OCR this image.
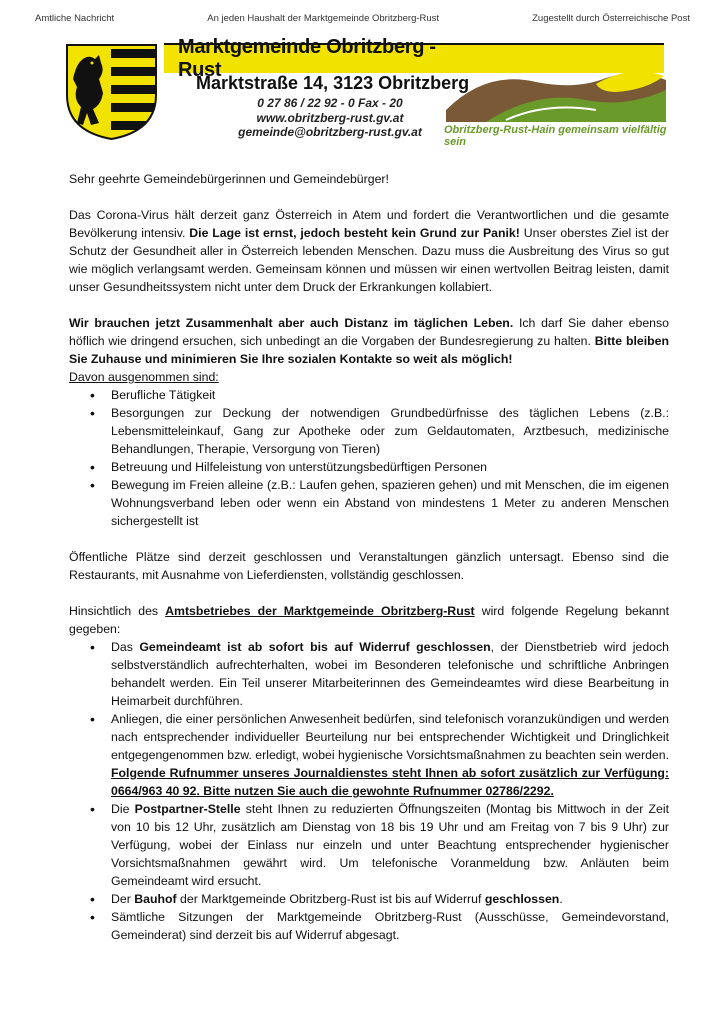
Amtliche Nachricht	An jeden Haushalt der Marktgemeinde Obritzberg-Rust	Zugestellt durch Österreichische Post
Marktgemeinde Obritzberg - Rust
Marktstraße 14, 3123 Obritzberg
0 27 86 / 22 92 - 0 Fax - 20
www.obritzberg-rust.gv.at
gemeinde@obritzberg-rust.gv.at	Obritzberg-Rust-Hain gemeinsam vielfältig sein

Sehr geehrte Gemeindebürgerinnen und Gemeindebürger!

Das Corona-Virus hält derzeit ganz Österreich in Atem und fordert die Verantwortlichen und die gesamte Bevölkerung intensiv. Die Lage ist ernst, jedoch besteht kein Grund zur Panik! Unser oberstes Ziel ist der Schutz der Gesundheit aller in Österreich lebenden Menschen. Dazu muss die Ausbreitung des Virus so gut wie möglich verlangsamt werden. Gemeinsam können und müssen wir einen wertvollen Beitrag leisten, damit unser Gesundheitssystem nicht unter dem Druck der Erkrankungen kollabiert.

Wir brauchen jetzt Zusammenhalt aber auch Distanz im täglichen Leben. Ich darf Sie daher ebenso höflich wie dringend ersuchen, sich unbedingt an die Vorgaben der Bundesregierung zu halten. Bitte bleiben Sie Zuhause und minimieren Sie Ihre sozialen Kontakte so weit als möglich!

Davon ausgenommen sind:
• Berufliche Tätigkeit
• Besorgungen zur Deckung der notwendigen Grundbedürfnisse des täglichen Lebens (z.B.: Lebensmitteleinkauf, Gang zur Apotheke oder zum Geldautomaten, Arztbesuch, medizinische Behandlungen, Therapie, Versorgung von Tieren)
• Betreuung und Hilfeleistung von unterstützungsbedürftigen Personen
• Bewegung im Freien alleine (z.B.: Laufen gehen, spazieren gehen) und mit Menschen, die im eigenen Wohnungsverband leben oder wenn ein Abstand von mindestens 1 Meter zu anderen Menschen sichergestellt ist

Öffentliche Plätze sind derzeit geschlossen und Veranstaltungen gänzlich untersagt. Ebenso sind die Restaurants, mit Ausnahme von Lieferdiensten, vollständig geschlossen.

Hinsichtlich des Amtsbetriebes der Marktgemeinde Obritzberg-Rust wird folgende Regelung bekannt gegeben:

• Das Gemeindeamt ist ab sofort bis auf Widerruf geschlossen, der Dienstbetrieb wird jedoch selbstverständlich aufrechterhalten, wobei im Besonderen telefonische und schriftliche Anbringen behandelt werden. Ein Teil unserer Mitarbeiterinnen des Gemeindeamtes wird diese Bearbeitung in Heimarbeit durchführen.
• Anliegen, die einer persönlichen Anwesenheit bedürfen, sind telefonisch voranzukündigen und werden nach entsprechender individueller Beurteilung nur bei entsprechender Wichtigkeit und Dringlichkeit entgegengenommen bzw. erledigt, wobei hygienische Vorsichtsmaßnahmen zu beachten sein werden. Folgende Rufnummer unseres Journaldienstes steht Ihnen ab sofort zusätzlich zur Verfügung: 0664/963 40 92. Bitte nutzen Sie auch die gewohnte Rufnummer 02786/2292.
• Die Postpartner-Stelle steht Ihnen zu reduzierten Öffnungszeiten (Montag bis Mittwoch in der Zeit von 10 bis 12 Uhr, zusätzlich am Dienstag von 18 bis 19 Uhr und am Freitag von 7 bis 9 Uhr) zur Verfügung, wobei der Einlass nur einzeln und unter Beachtung entsprechender hygienischer Vorsichtsmaßnahmen gewährt wird. Um telefonische Voranmeldung bzw. Anläuten beim Gemeindeamt wird ersucht.
• Der Bauhof der Marktgemeinde Obritzberg-Rust ist bis auf Widerruf geschlossen.
• Sämtliche Sitzungen der Marktgemeinde Obritzberg-Rust (Ausschüsse, Gemeindevorstand, Gemeinderat) sind derzeit bis auf Widerruf abgesagt.
